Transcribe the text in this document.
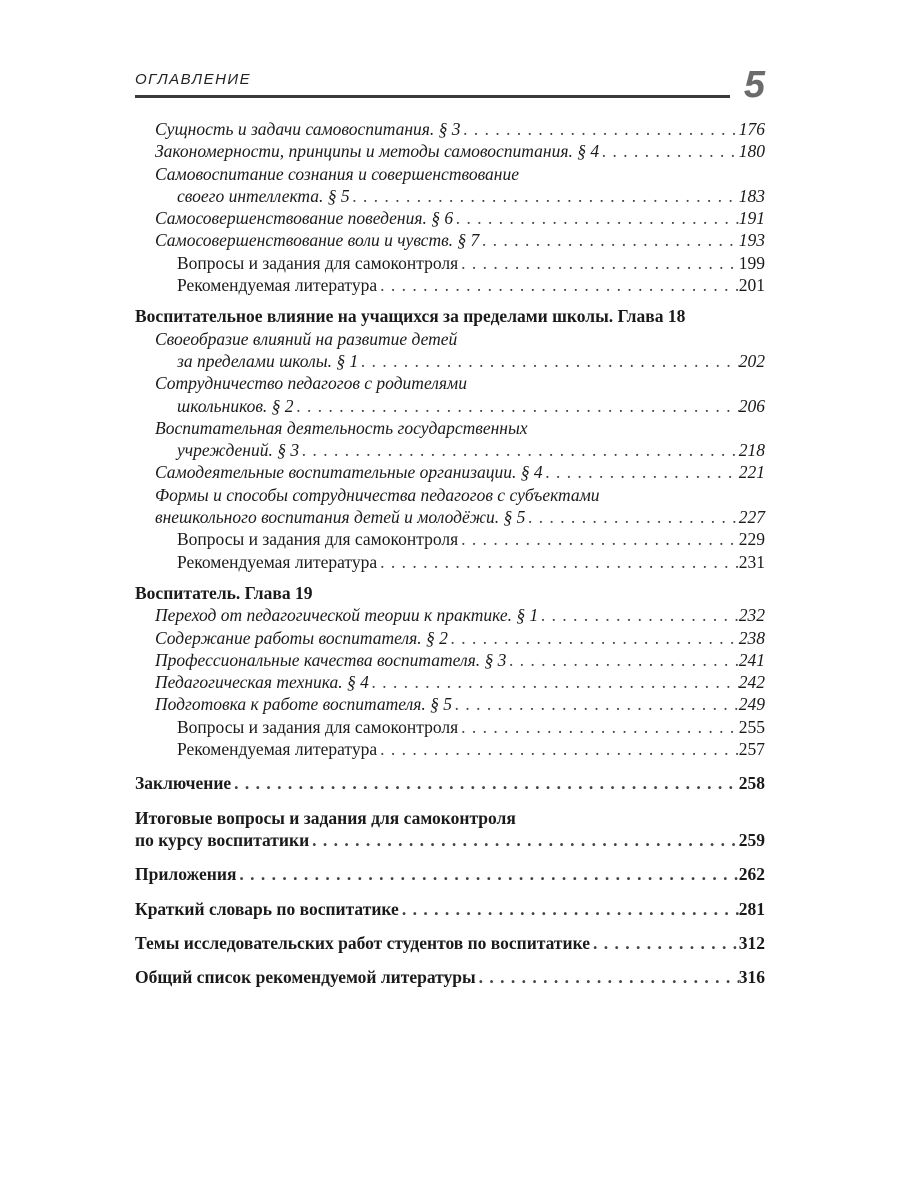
ОГЛАВЛЕНИЕ	5
Сущность и задачи самовоспитания. § 3 . . .	176
Закономерности, принципы и методы самовоспитания. § 4 . . .	180
Самовоспитание сознания и совершенствование
своего интеллекта. § 5 . . .	183
Самосовершенствование поведения. § 6 . . .	191
Самосовершенствование воли и чувств. § 7 . . .	193
Вопросы и задания для самоконтроля . . .	199
Рекомендуемая литература . . .	201
Воспитательное влияние на учащихся за пределами школы. Глава 18
Своеобразие влияний на развитие детей
за пределами школы. § 1 . . .	202
Сотрудничество педагогов с родителями
школьников. § 2 . . .	206
Воспитательная деятельность государственных
учреждений. § 3 . . .	218
Самодеятельные воспитательные организации. § 4 . . .	221
Формы и способы сотрудничества педагогов с субъектами
внешкольного воспитания детей и молодёжи. § 5 . . .	227
Вопросы и задания для самоконтроля . . .	229
Рекомендуемая литература . . .	231
Воспитатель. Глава 19
Переход от педагогической теории к практике. § 1 . . .	232
Содержание работы воспитателя. § 2 . . .	238
Профессиональные качества воспитателя. § 3 . . .	241
Педагогическая техника. § 4 . . .	242
Подготовка к работе воспитателя. § 5 . . .	249
Вопросы и задания для самоконтроля . . .	255
Рекомендуемая литература . . .	257
Заключение . . .	258
Итоговые вопросы и задания для самоконтроля
по курсу воспитатики . . .	259
Приложения . . .	262
Краткий словарь по воспитатике . . .	281
Темы исследовательских работ студентов по воспитатике . . .	312
Общий список рекомендуемой литературы . . .	316
